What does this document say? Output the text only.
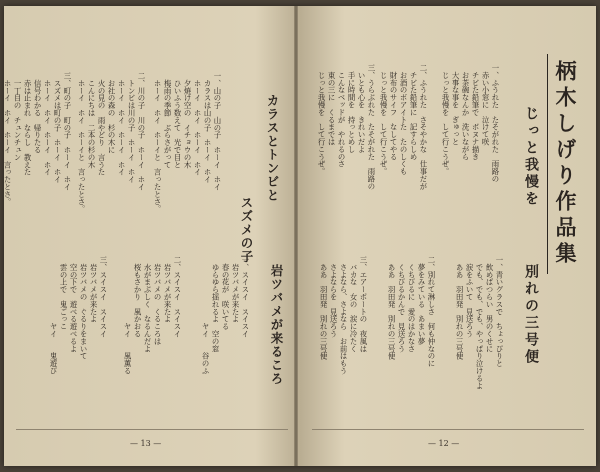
カラスとトンビと
スズメの子
一、山の子　山の子　ホーイ　ホイ
　カラスは山の子　ホーイ　ホイ
　ホーイ　ホイ　ホーイ　ホイ
　夕焼け空の　イチョウの木
　ひいふう数えて　光で目と
　梅雨の季節　ぶらさがって
　ホーイ　ホイ　ホーイと　言ったとさ。
二、川の子　川の子　ホーイ　ホイ
　トンビは川の子　ホーイ　ホイ
　ホーイ　ホイ　ホーイ　ホイ
　お社の森の　杉の木に
　火の見の　雨やどり　言うた
　こんにちは　二本の杉の木
　ホーイ　ホイ　ホーイと　言ったとさ。
三、町の子　町の子　ホーイ　ホイ
　スズメは町の子　ホーイ　ホイ
　ホーイ　ホイ　ホーイ　ホイ
　信号わかる　帰りたる
　赤は止まれ　ならし　教えた
　一丁目の　チュンチュン
　ホーイ　ホイ　ホーイ　言ったとさ。
岩ツバメが来るころ
一、スイスイ　スイスイ
　岩ツバメが来たよ
　春の花が　咲いてる
　ゆらゆら揺れるよ　空の窓
　　　　　　　　　ヤイ　　谷のふ
二、スイスイ　スイスイ
　岩ツバメが来たよ
　岩ツバメの　くるころは
　水がまぶしく　なるんだよ
　桜もさかり　風かおる
　　　　　　　　　ヤイ　　風薫る
三、スイスイ　スイスイ
　岩ツバメが来たよ
　岩ツバメの　ぐるりをまいて
　空の下で　遊べる遊べるよ
　雲の上で　鬼ごっこ
　　　　　　　　　ヤイ　　鬼遊び
— 13 —
柄木しげり作品集
じっと我慢を
別れの三号便
一、ふうれた　たそがれた　雨路の
　赤い小窓に　泣けて咲
　チビた鉛筆で　ボヌナ描き
　お茶碗なんか　洗いながら
　大事な事を　ぎゅっと
　じっと我慢を　して行こうぜ。
二、ふうれた　さそやかな　仕事だが
　チビた鉛筆に　記すらしめ
　お酒のボアイトた　たのしくも
　財布のサイフ　なしてやる
　じっと我慢を　して行こうぜ。
三、うらぶれた　たそがれた　雨路の
　いとも心を　きれいだよ
　手に時間を　持っとめし
　こんなベッドが　やれるのさ
　東の三に　くるまでは
　じっと我慢を　して行こうぜ。
一、青いグラスで　ちょっぴりと
　飲めばつらい　男のくせに
　でも、でも、でも、やっぱり泣けるよ
　涙をふいて　見送ろう
　ああ　羽田発　別れの三号便
二、別れて淋しさ　何も仲なのに
　夢をみている　あまい夢
　くちびるに　愛のはかなさ
　くちびるかんで　見送ろう
　ああ　羽田発　別れの三号便
三、エアーポートの　夜風は
　バカな　女の　涙に冷たく
　さよなら、さよなら　お前はもう
　さよならを　見送ろう
　ああ　羽田発　別れの三号便
— 12 —
